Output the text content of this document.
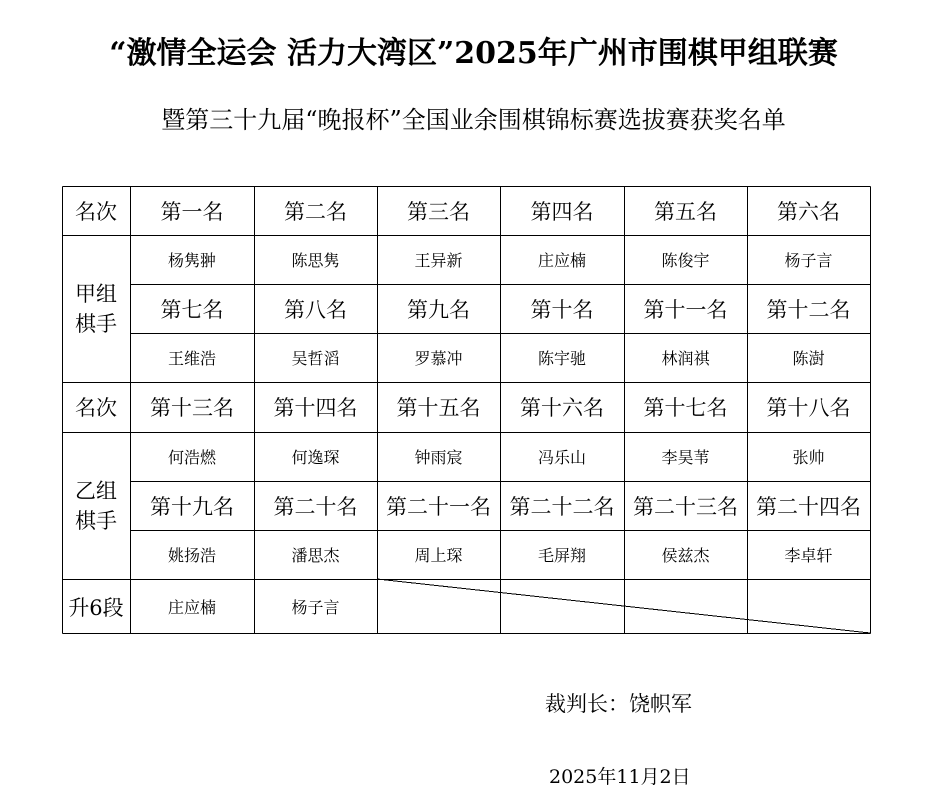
“激情全运会 活力大湾区”2025年广州市围棋甲组联赛
暨第三十九届“晚报杯”全国业余围棋锦标赛选拔赛获奖名单
名次	第一名	第二名	第三名	第四名	第五名	第六名
杨隽翀	陈思隽	王异新	庄应楠	陈俊宇	杨子言
第七名	第八名	第九名	第十名	第十一名	第十二名
王维浩	吴哲滔	罗慕冲	陈宇驰	林润祺	陈澍
甲组
棋手
名次	第十三名	第十四名	第十五名	第十六名	第十七名	第十八名
何浩燃	何逸琛	钟雨宸	冯乐山	李昊苇	张帅
第十九名	第二十名	第二十一名 第二十二名 第二十三名 第二十四名
姚扬浩	潘思杰	周上琛	毛屏翔	侯兹杰	李卓轩
乙组
棋手
升6段	庄应楠	杨子言
裁判长：饶帜军
2025年11月2日
